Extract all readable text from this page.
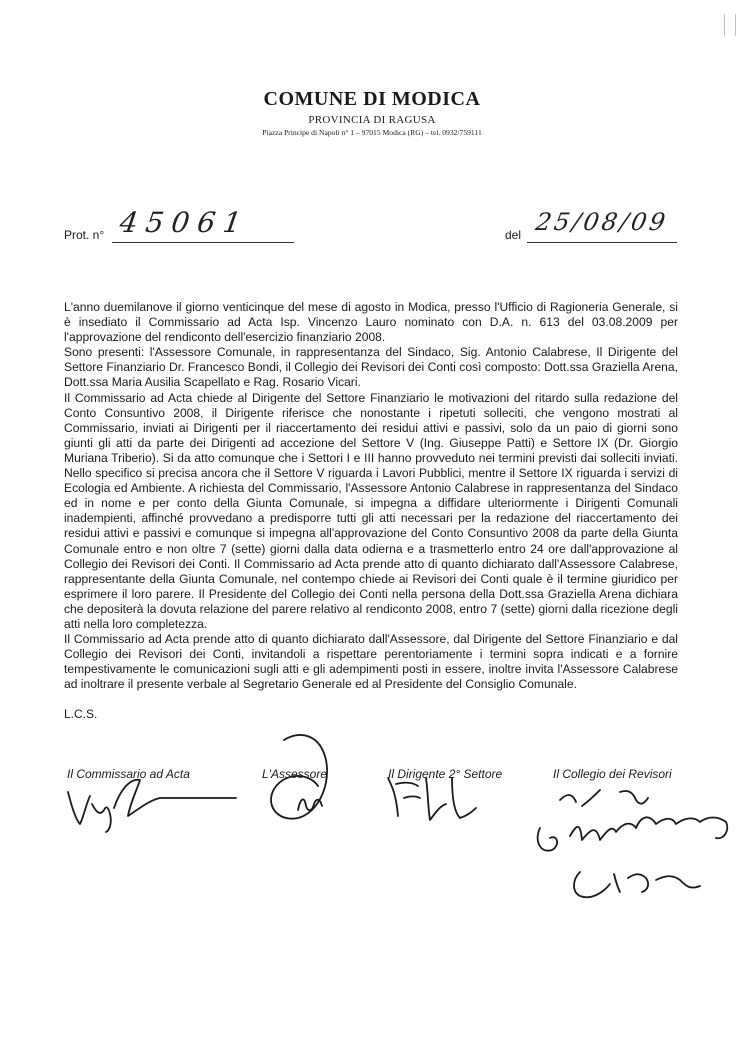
COMUNE DI MODICA
PROVINCIA DI RAGUSA
Piazza Principe di Napoli n° 1 – 97015 Modica (RG) – tel. 0932/759111
Prot. n° 45061	del 25/08/09

L'anno duemilanove il giorno venticinque del mese di agosto in Modica, presso l'Ufficio di Ragioneria Generale, si è insediato il Commissario ad Acta Isp. Vincenzo Lauro nominato con D.A. n. 613 del 03.08.2009 per l'approvazione del rendiconto dell'esercizio finanziario 2008.

Sono presenti: l'Assessore Comunale, in rappresentanza del Sindaco, Sig. Antonio Calabrese, Il Dirigente del Settore Finanziario Dr. Francesco Bondi, il Collegio dei Revisori dei Conti così composto: Dott.ssa Graziella Arena, Dott.ssa Maria Ausilia Scapellato e Rag. Rosario Vicari.

Il Commissario ad Acta chiede al Dirigente del Settore Finanziario le motivazioni del ritardo sulla redazione del Conto Consuntivo 2008, il Dirigente riferisce che nonostante i ripetuti solleciti, che vengono mostrati al Commissario, inviati ai Dirigenti per il riaccertamento dei residui attivi e passivi, solo da un paio di giorni sono giunti gli atti da parte dei Dirigenti ad accezione del Settore V (Ing. Giuseppe Patti) e Settore IX (Dr. Giorgio Muriana Triberio). Si da atto comunque che i Settori I e III hanno provveduto nei termini previsti dai solleciti inviati. Nello specifico si precisa ancora che il Settore V riguarda i Lavori Pubblici, mentre il Settore IX riguarda i servizi di Ecologia ed Ambiente. A richiesta del Commissario, l'Assessore Antonio Calabrese in rappresentanza del Sindaco ed in nome e per conto della Giunta Comunale, si impegna a diffidare ulteriormente i Dirigenti Comunali inadempienti, affinché provvedano a predisporre tutti gli atti necessari per la redazione del riaccertamento dei residui attivi e passivi e comunque si impegna all'approvazione del Conto Consuntivo 2008 da parte della Giunta Comunale entro e non oltre 7 (sette) giorni dalla data odierna e a trasmetterlo entro 24 ore dall'approvazione al Collegio dei Revisori dei Conti. Il Commissario ad Acta prende atto di quanto dichiarato dall'Assessore Calabrese, rappresentante della Giunta Comunale, nel contempo chiede ai Revisori dei Conti quale è il termine giuridico per esprimere il loro parere. Il Presidente del Collegio dei Conti nella persona della Dott.ssa Graziella Arena dichiara che depositerà la dovuta relazione del parere relativo al rendiconto 2008, entro 7 (sette) giorni dalla ricezione degli atti nella loro completezza.

Il Commissario ad Acta prende atto di quanto dichiarato dall'Assessore, dal Dirigente del Settore Finanziario e dal Collegio dei Revisori dei Conti, invitandoli a rispettare perentoriamente i termini sopra indicati e a fornire tempestivamente le comunicazioni sugli atti e gli adempimenti posti in essere, inoltre invita l'Assessore Calabrese ad inoltrare il presente verbale al Segretario Generale ed al Presidente del Consiglio Comunale.

L.C.S.
Il Commissario ad Acta	L'Assessore	Il Dirigente 2° Settore	Il Collegio dei Revisori
